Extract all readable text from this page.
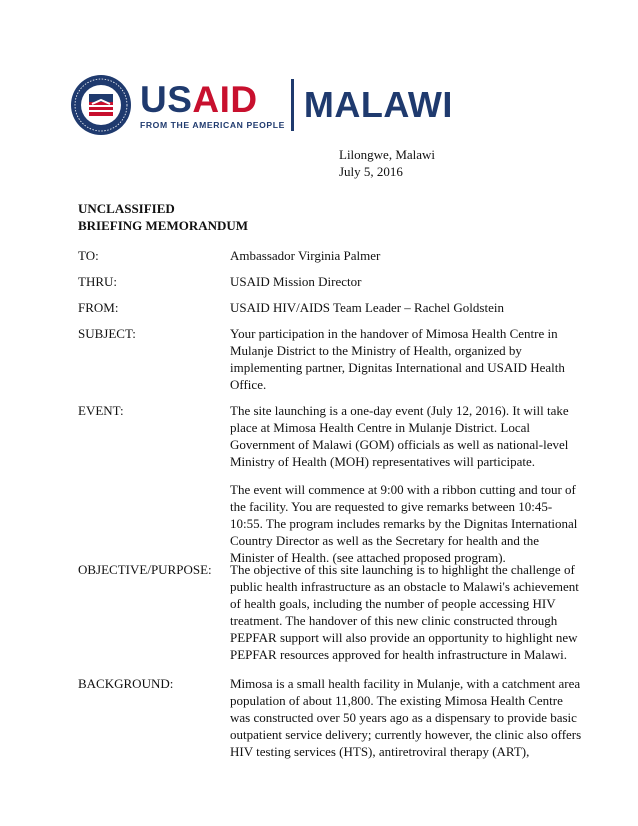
USAID
FROM THE AMERICAN PEOPLE MALAWI
Lilongwe, Malawi
July 5, 2016
UNCLASSIFIED
BRIEFING MEMORANDUM
TO:	Ambassador Virginia Palmer
THRU:	USAID Mission Director
FROM:	USAID HIV/AIDS Team Leader – Rachel Goldstein
SUBJECT:	Your participation in the handover of Mimosa Health Centre in Mulanje District to the Ministry of Health, organized by implementing partner, Dignitas International and USAID Health Office.
EVENT:	The site launching is a one-day event (July 12, 2016). It will take place at Mimosa Health Centre in Mulanje District. Local Government of Malawi (GOM) officials as well as national-level Ministry of Health (MOH) representatives will participate.

The event will commence at 9:00 with a ribbon cutting and tour of the facility. You are requested to give remarks between 10:45-10:55. The program includes remarks by the Dignitas International Country Director as well as the Secretary for health and the Minister of Health. (see attached proposed program).

OBJECTIVE/PURPOSE:	The objective of this site launching is to highlight the challenge of public health infrastructure as an obstacle to Malawi's achievement of health goals, including the number of people accessing HIV treatment. The handover of this new clinic constructed through PEPFAR support will also provide an opportunity to highlight new PEPFAR resources approved for health infrastructure in Malawi.
BACKGROUND:	Mimosa is a small health facility in Mulanje, with a catchment area population of about 11,800. The existing Mimosa Health Centre was constructed over 50 years ago as a dispensary to provide basic outpatient service delivery; currently however, the clinic also offers HIV testing services (HTS), antiretroviral therapy (ART),
